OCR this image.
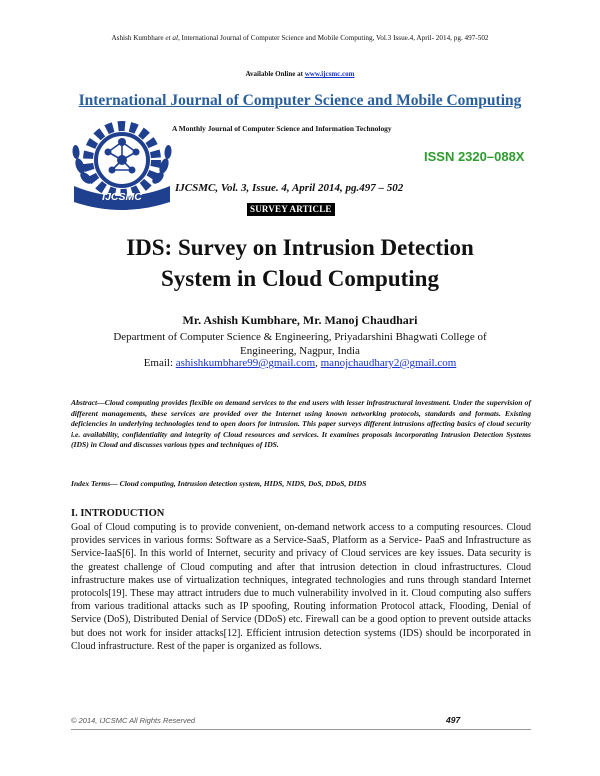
Ashish Kumbhare et al, International Journal of Computer Science and Mobile Computing, Vol.3 Issue.4, April- 2014, pg. 497-502
Available Online at www.ijcsmc.com
International Journal of Computer Science and Mobile Computing
IJCSMC
A Monthly Journal of Computer Science and Information Technology
ISSN 2320–088X
IJCSMC, Vol. 3, Issue. 4, April 2014, pg.497 – 502
SURVEY ARTICLE
IDS: Survey on Intrusion Detection
System in Cloud Computing
Mr. Ashish Kumbhare, Mr. Manoj Chaudhari
Department of Computer Science & Engineering, Priyadarshini Bhagwati College of
Engineering, Nagpur, India
Email: ashishkumbhare99@gmail.com, manojchaudhary2@gmail.com
Abstract—Cloud computing provides flexible on demand services to the end users with lesser infrastructural investment. Under the supervision of different managements, these services are provided over the Internet using known networking protocols, standards and formats. Existing deficiencies in underlying technologies tend to open doors for intrusion. This paper surveys different intrusions affecting basics of cloud security i.e. availability, confidentiality and integrity of Cloud resources and services. It examines proposals incorporating Intrusion Detection Systems (IDS) in Cloud and discusses various types and techniques of IDS.
Index Terms— Cloud computing, Intrusion detection system, HIDS, NIDS, DoS, DDoS, DIDS
I. INTRODUCTION
Goal of Cloud computing is to provide convenient, on-demand network access to a computing resources. Cloud provides services in various forms: Software as a Service-SaaS, Platform as a Service- PaaS and Infrastructure as Service-IaaS[6]. In this world of Internet, security and privacy of Cloud services are key issues. Data security is the greatest challenge of Cloud computing and after that intrusion detection in cloud infrastructures. Cloud infrastructure makes use of virtualization techniques, integrated technologies and runs through standard Internet protocols[19]. These may attract intruders due to much vulnerability involved in it. Cloud computing also suffers from various traditional attacks such as IP spoofing, Routing information Protocol attack, Flooding, Denial of Service (DoS), Distributed Denial of Service (DDoS) etc. Firewall can be a good option to prevent outside attacks but does not work for insider attacks[12]. Efficient intrusion detection systems (IDS) should be incorporated in Cloud infrastructure. Rest of the paper is organized as follows.
© 2014, IJCSMC All Rights Reserved	497
